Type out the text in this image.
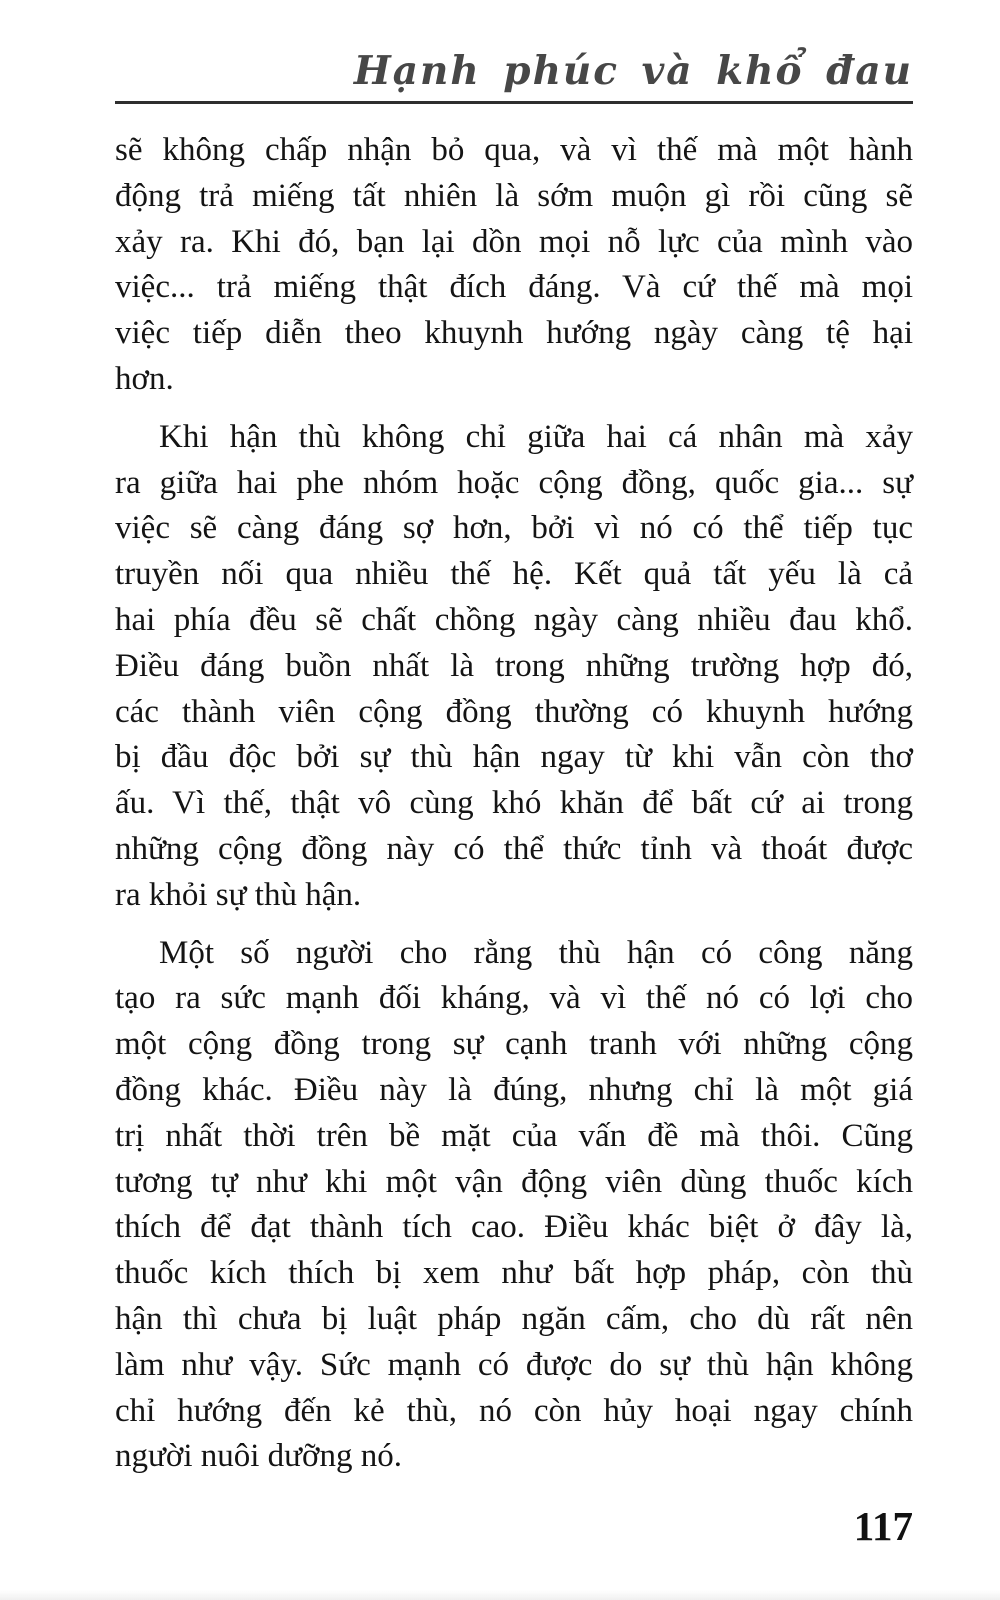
Hạnh phúc và khổ đau
sẽ không chấp nhận bỏ qua, và vì thế mà một hành
động trả miếng tất nhiên là sớm muộn gì rồi cũng sẽ
xảy ra. Khi đó, bạn lại dồn mọi nỗ lực của mình vào
việc... trả miếng thật đích đáng. Và cứ thế mà mọi
việc tiếp diễn theo khuynh hướng ngày càng tệ hại
hơn.
Khi hận thù không chỉ giữa hai cá nhân mà xảy
ra giữa hai phe nhóm hoặc cộng đồng, quốc gia... sự
việc sẽ càng đáng sợ hơn, bởi vì nó có thể tiếp tục
truyền nối qua nhiều thế hệ. Kết quả tất yếu là cả
hai phía đều sẽ chất chồng ngày càng nhiều đau khổ.
Điều đáng buồn nhất là trong những trường hợp đó,
các thành viên cộng đồng thường có khuynh hướng
bị đầu độc bởi sự thù hận ngay từ khi vẫn còn thơ
ấu. Vì thế, thật vô cùng khó khăn để bất cứ ai trong
những cộng đồng này có thể thức tỉnh và thoát được
ra khỏi sự thù hận.
Một số người cho rằng thù hận có công năng
tạo ra sức mạnh đối kháng, và vì thế nó có lợi cho
một cộng đồng trong sự cạnh tranh với những cộng
đồng khác. Điều này là đúng, nhưng chỉ là một giá
trị nhất thời trên bề mặt của vấn đề mà thôi. Cũng
tương tự như khi một vận động viên dùng thuốc kích
thích để đạt thành tích cao. Điều khác biệt ở đây là,
thuốc kích thích bị xem như bất hợp pháp, còn thù
hận thì chưa bị luật pháp ngăn cấm, cho dù rất nên
làm như vậy. Sức mạnh có được do sự thù hận không
chỉ hướng đến kẻ thù, nó còn hủy hoại ngay chính
người nuôi dưỡng nó.
117
